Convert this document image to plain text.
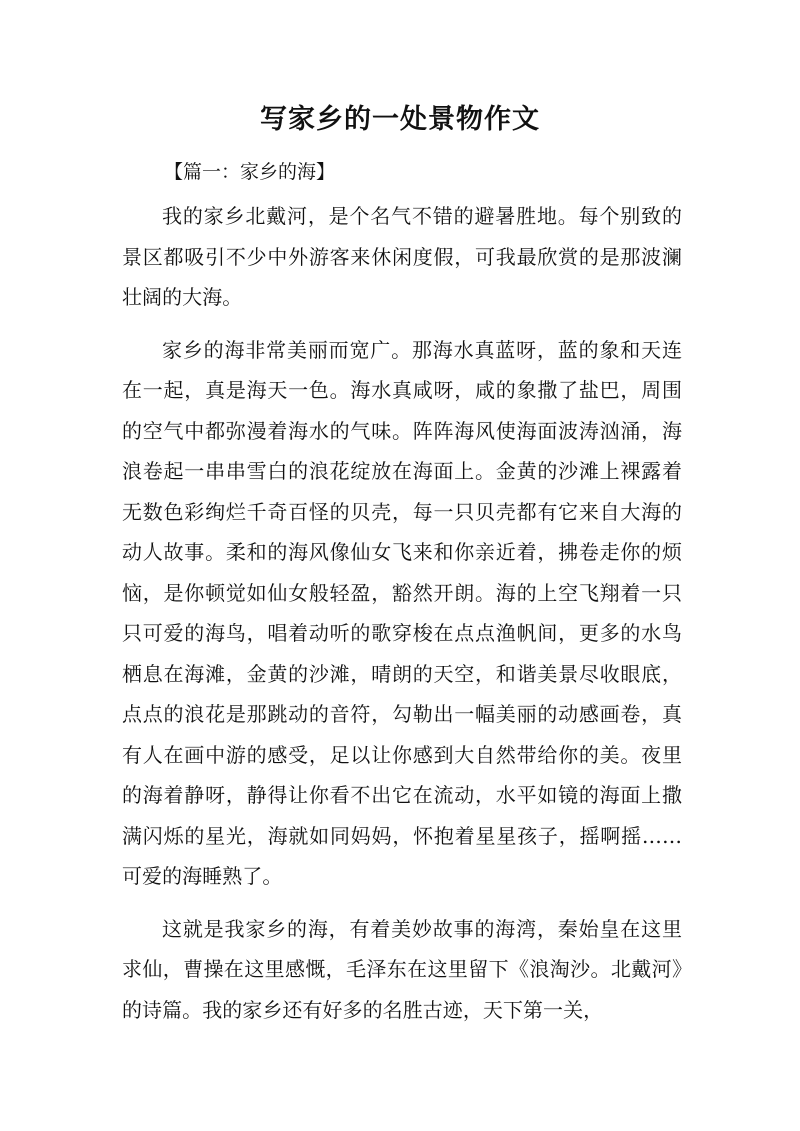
写家乡的一处景物作文

【篇一：家乡的海】

我的家乡北戴河，是个名气不错的避暑胜地。每个别致的景区都吸引不少中外游客来休闲度假，可我最欣赏的是那波澜壮阔的大海。

家乡的海非常美丽而宽广。那海水真蓝呀，蓝的象和天连在一起，真是海天一色。海水真咸呀，咸的象撒了盐巴，周围的空气中都弥漫着海水的气味。阵阵海风使海面波涛汹涌，海浪卷起一串串雪白的浪花绽放在海面上。金黄的沙滩上裸露着无数色彩绚烂千奇百怪的贝壳，每一只贝壳都有它来自大海的动人故事。柔和的海风像仙女飞来和你亲近着，拂卷走你的烦恼，是你顿觉如仙女般轻盈，豁然开朗。海的上空飞翔着一只只可爱的海鸟，唱着动听的歌穿梭在点点渔帆间，更多的水鸟栖息在海滩，金黄的沙滩，晴朗的天空，和谐美景尽收眼底，点点的浪花是那跳动的音符，勾勒出一幅美丽的动感画卷，真有人在画中游的感受，足以让你感到大自然带给你的美。夜里的海着静呀，静得让你看不出它在流动，水平如镜的海面上撒满闪烁的星光，海就如同妈妈，怀抱着星星孩子，摇啊摇……可爱的海睡熟了。

这就是我家乡的海，有着美妙故事的海湾，秦始皇在这里求仙，曹操在这里感慨，毛泽东在这里留下《浪淘沙。北戴河》的诗篇。我的家乡还有好多的名胜古迹，天下第一关，
